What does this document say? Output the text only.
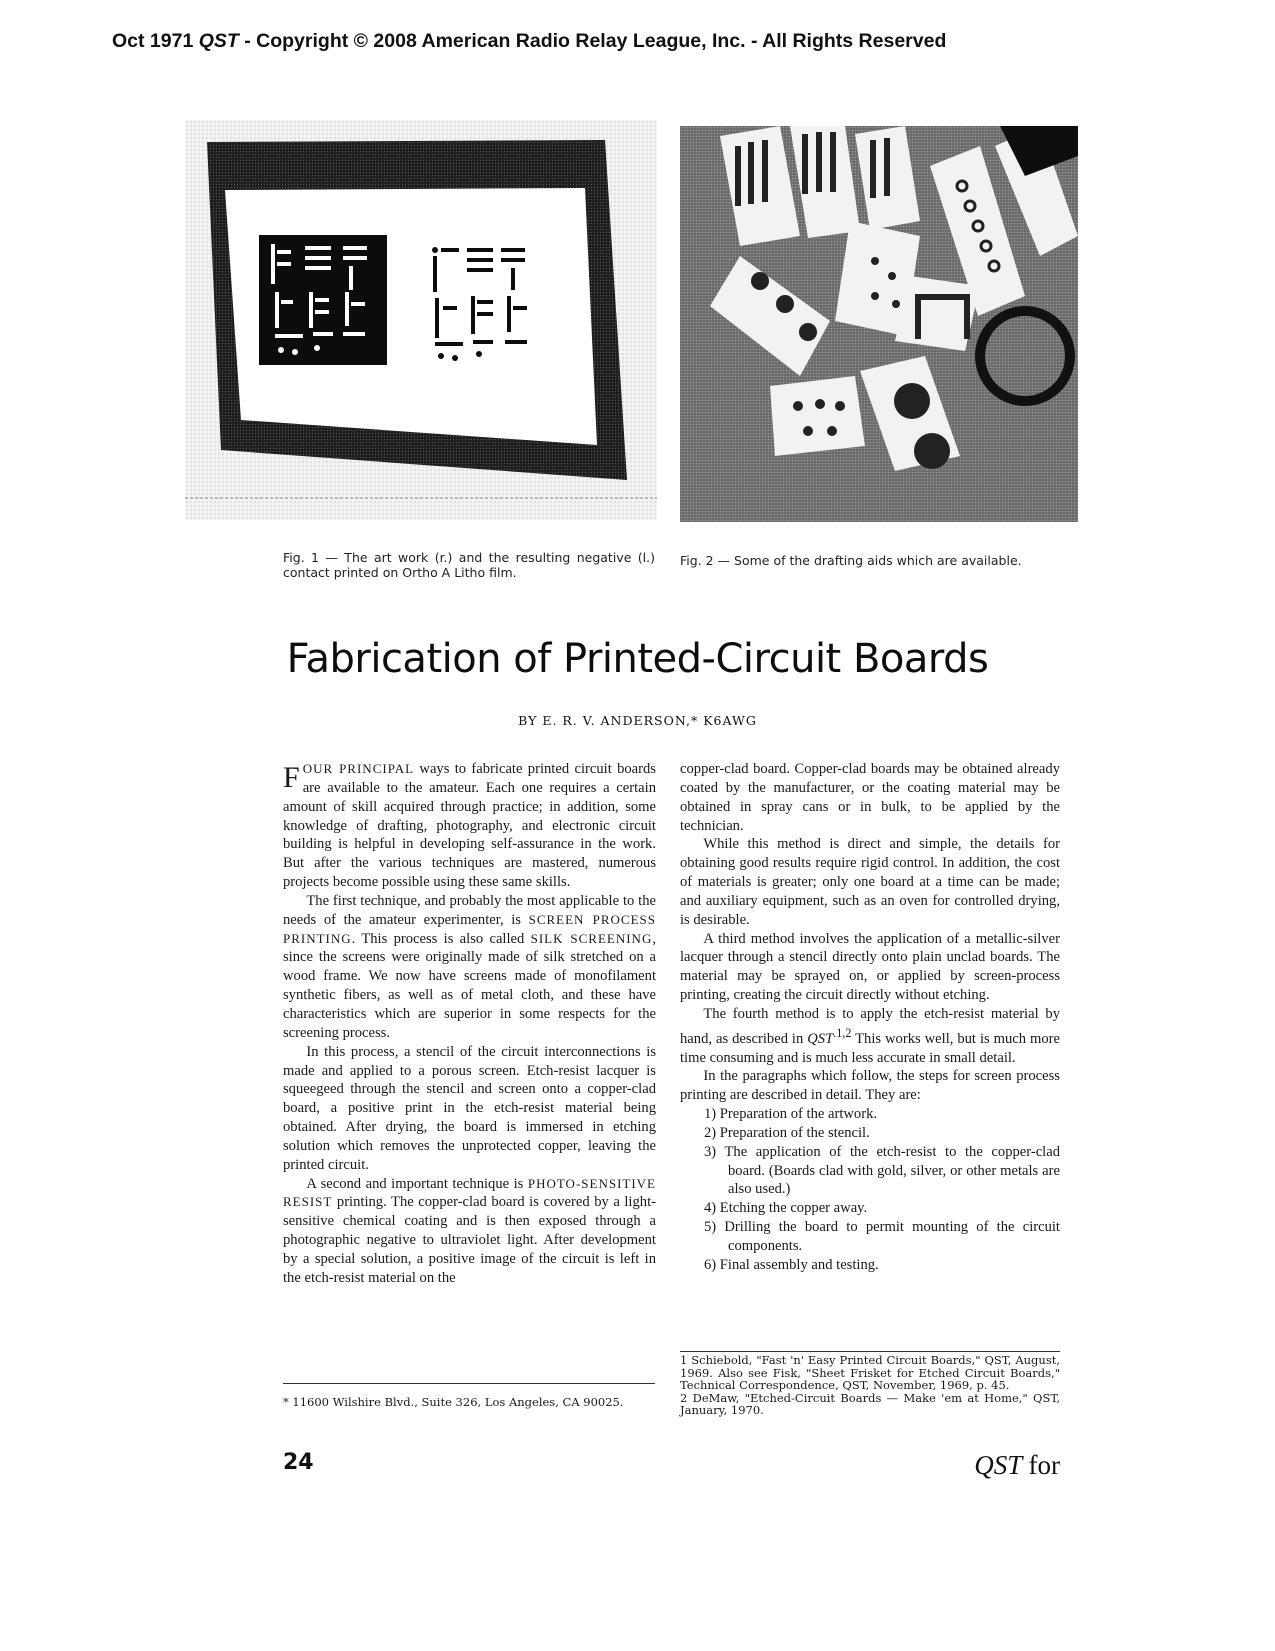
Oct 1971 QST - Copyright © 2008 American Radio Relay League, Inc. - All Rights Reserved
Fig. 1 — The art work (r.) and the resulting negative (l.) contact printed on Ortho A Litho film.
Fig. 2 — Some of the drafting aids which are available.
Fabrication of Printed-Circuit Boards
BY E. R. V. ANDERSON,* K6AWG

FOUR PRINCIPAL ways to fabricate printed circuit boards are available to the amateur. Each one requires a certain amount of skill acquired through practice; in addition, some knowledge of drafting, photography, and electronic circuit building is helpful in developing self-assurance in the work. But after the various techniques are mastered, numerous projects become possible using these same skills.

The first technique, and probably the most applicable to the needs of the amateur experimenter, is SCREEN PROCESS PRINTING. This process is also called SILK SCREENING, since the screens were originally made of silk stretched on a wood frame. We now have screens made of monofilament synthetic fibers, as well as of metal cloth, and these have characteristics which are superior in some respects for the screening process.

In this process, a stencil of the circuit interconnections is made and applied to a porous screen. Etch-resist lacquer is squeegeed through the stencil and screen onto a copper-clad board, a positive print in the etch-resist material being obtained. After drying, the board is immersed in etching solution which removes the unprotected copper, leaving the printed circuit.

A second and important technique is PHOTO-SENSITIVE RESIST printing. The copper-clad board is covered by a light-sensitive chemical coating and is then exposed through a photographic negative to ultraviolet light. After development by a special solution, a positive image of the circuit is left in the etch-resist material on the

copper-clad board. Copper-clad boards may be obtained already coated by the manufacturer, or the coating material may be obtained in spray cans or in bulk, to be applied by the technician.

While this method is direct and simple, the details for obtaining good results require rigid control. In addition, the cost of materials is greater; only one board at a time can be made; and auxiliary equipment, such as an oven for controlled drying, is desirable.

A third method involves the application of a metallic-silver lacquer through a stencil directly onto plain unclad boards. The material may be sprayed on, or applied by screen-process printing, creating the circuit directly without etching.

The fourth method is to apply the etch-resist material by hand, as described in $QST^{.1,2}$ This works well, but is much more time consuming and is much less accurate in small detail.

In the paragraphs which follow, the steps for screen process printing are described in detail. They are:

1) Preparation of the artwork.
2) Preparation of the stencil.
3) The application of the etch-resist to the copper-clad board. (Boards clad with gold, silver, or other metals are also used.)
4) Etching the copper away.
5) Drilling the board to permit mounting of the circuit components.
6) Final assembly and testing.
* 11600 Wilshire Blvd., Suite 326, Los Angeles, CA 90025.
1 Schiebold, "Fast 'n' Easy Printed Circuit Boards," QST, August, 1969. Also see Fisk, "Sheet Frisket for Etched Circuit Boards," Technical Correspondence, QST, November, 1969, p. 45.
2 DeMaw, "Etched-Circuit Boards — Make 'em at Home," QST, January, 1970.
24	QST for
